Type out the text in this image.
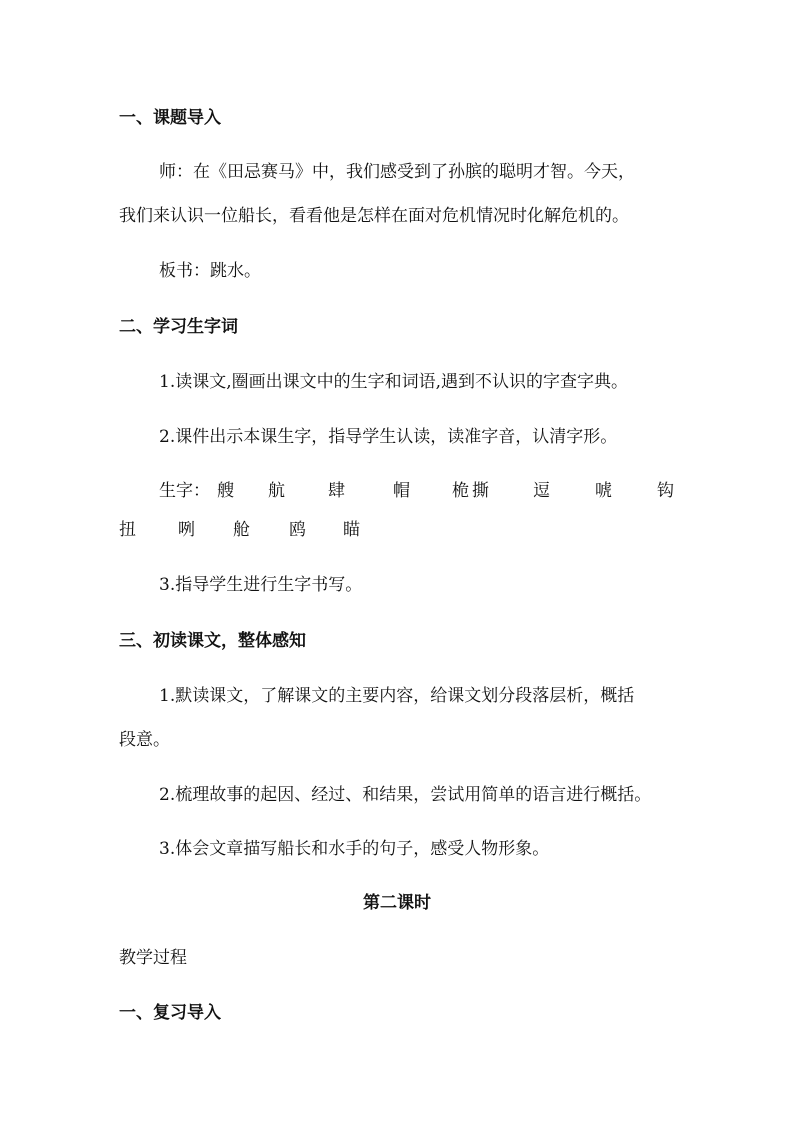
一、课题导入
师：在《田忌赛马》中，我们感受到了孙膑的聪明才智。今天，
我们来认识一位船长，看看他是怎样在面对危机情况时化解危机的。
板书：跳水。
二、学习生字词
1.读课文,圈画出课文中的生字和词语,遇到不认识的字查字典。
2.课件出示本课生字，指导学生认读，读准字音，认清字形。
生字： 艘 航	肆	帽 桅 撕	逗	唬	钩
扭 咧 舱 鸥 瞄
3.指导学生进行生字书写。
三、初读课文，整体感知
1.默读课文，了解课文的主要内容，给课文划分段落层析，概括
段意。
2.梳理故事的起因、经过、和结果，尝试用简单的语言进行概括。
3.体会文章描写船长和水手的句子，感受人物形象。
第二课时
教学过程
一、复习导入
